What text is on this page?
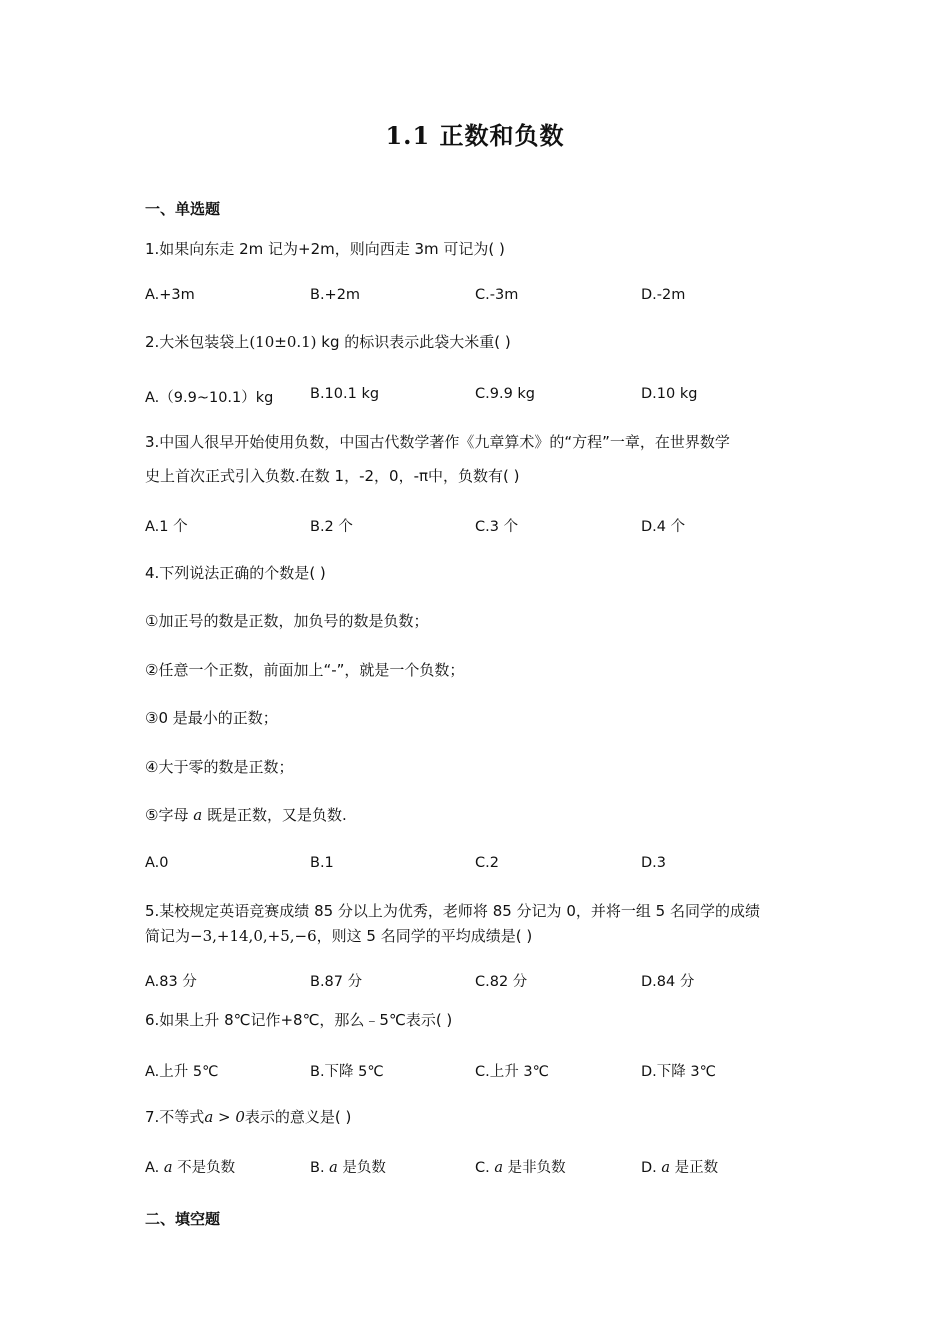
1.1 正数和负数
一、单选题
1.如果向东走 2m 记为+2m，则向西走 3m 可记为( )
A.+3m	B.+2m	C.-3m	D.-2m
2.大米包装袋上(10±0.1) kg 的标识表示此袋大米重( )
A.（9.9~10.1）kg	B.10.1 kg	C.9.9 kg	D.10 kg
3.中国人很早开始使用负数，中国古代数学著作《九章算术》的“方程”一章，在世界数学
史上首次正式引入负数.在数 1，-2，0，-π中，负数有( )
A.1 个	B.2 个	C.3 个	D.4 个
4.下列说法正确的个数是( )
①加正号的数是正数，加负号的数是负数；
②任意一个正数，前面加上“-”，就是一个负数；
③0 是最小的正数；
④大于零的数是正数；
⑤字母 a 既是正数，又是负数.
A.0	B.1	C.2	D.3
5.某校规定英语竞赛成绩 85 分以上为优秀，老师将 85 分记为 0，并将一组 5 名同学的成绩
简记为−3,+14,0,+5,−6，则这 5 名同学的平均成绩是( )
A.83 分	B.87 分	C.82 分	D.84 分
6.如果上升 8℃记作+8℃，那么﹣5℃表示( )
A.上升 5℃	B.下降 5℃	C.上升 3℃	D.下降 3℃
7.不等式a > 0表示的意义是( )
A. a 不是负数	B. a 是负数	C. a 是非负数	D. a 是正数
二、填空题
